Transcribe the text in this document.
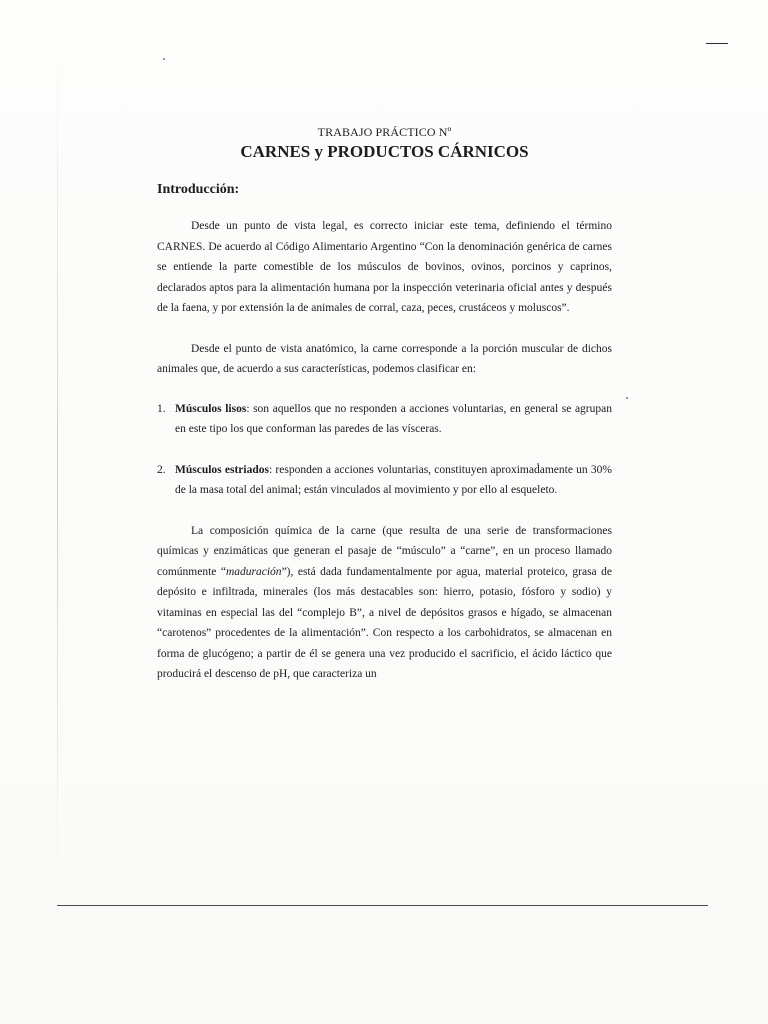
TRABAJO PRÁCTICO Nº

CARNES y PRODUCTOS CÁRNICOS
Introducción:

Desde un punto de vista legal, es correcto iniciar este tema, definiendo el término CARNES. De acuerdo al Código Alimentario Argentino “Con la denominación genérica de carnes se entiende la parte comestible de los músculos de bovinos, ovinos, porcinos y caprinos, declarados aptos para la alimentación humana por la inspección veterinaria oficial antes y después de la faena, y por extensión la de animales de corral, caza, peces, crustáceos y moluscos”.

Desde el punto de vista anatómico, la carne corresponde a la porción muscular de dichos animales que, de acuerdo a sus características, podemos clasificar en:

1. Músculos lisos: son aquellos que no responden a acciones voluntarias, en general se agrupan en este tipo los que conforman las paredes de las vísceras.
2. Músculos estriados: responden a acciones voluntarias, constituyen aproximadamente un 30% de la masa total del animal; están vinculados al movimiento y por ello al esqueleto.

La composición química de la carne (que resulta de una serie de transformaciones químicas y enzimáticas que generan el pasaje de “músculo” a “carne”, en un proceso llamado comúnmente “maduración”), está dada fundamentalmente por agua, material proteico, grasa de depósito e infiltrada, minerales (los más destacables son: hierro, potasio, fósforo y sodio) y vitaminas en especial las del “complejo B”, a nivel de depósitos grasos e hígado, se almacenan “carotenos” procedentes de la alimentación”. Con respecto a los carbohidratos, se almacenan en forma de glucógeno; a partir de él se genera una vez producido el sacrificio, el ácido láctico que producirá el descenso de pH, que caracteriza un
